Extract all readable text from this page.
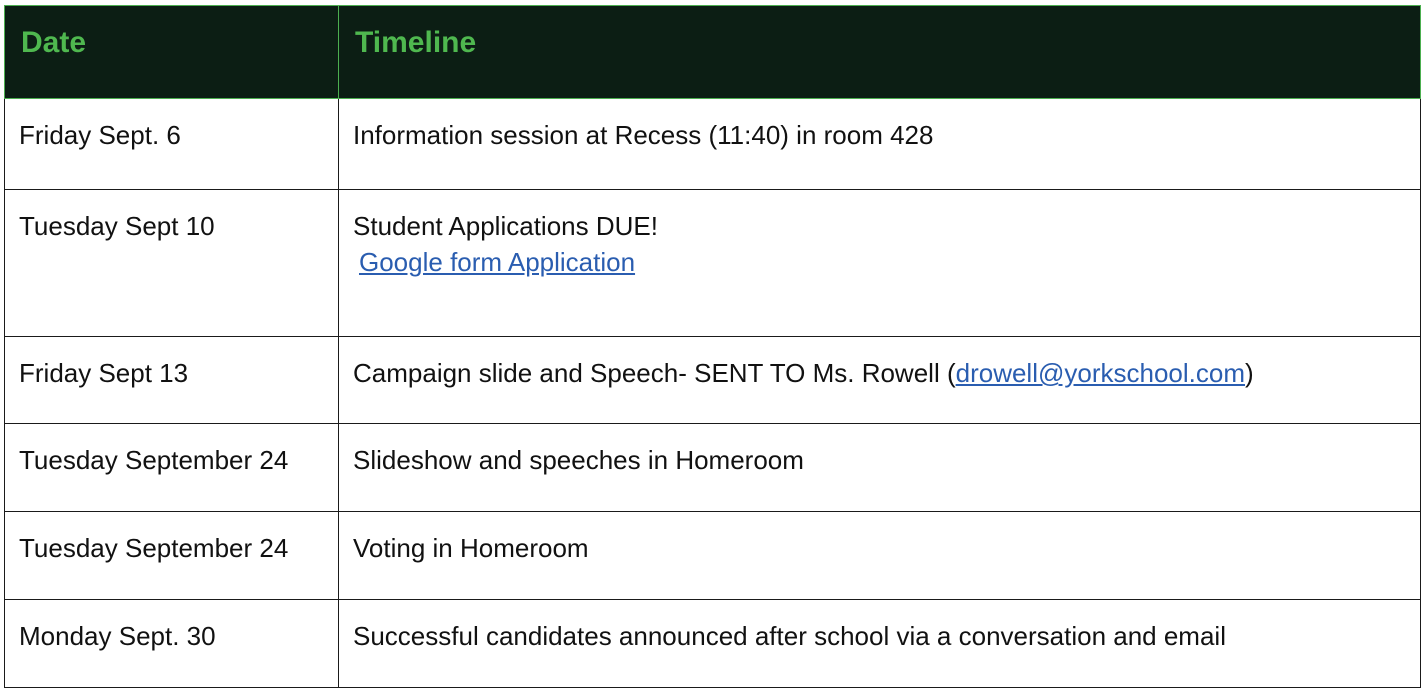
Date	Timeline
Friday Sept. 6	Information session at Recess (11:40) in room 428
Tuesday Sept 10	Student Applications DUE!
Google form Application

Friday Sept 13	Campaign slide and Speech- SENT TO Ms. Rowell (drowell@yorkschool.com)
Tuesday September 24	Slideshow and speeches in Homeroom
Tuesday September 24	Voting in Homeroom
Monday Sept. 30	Successful candidates announced after school via a conversation and email
